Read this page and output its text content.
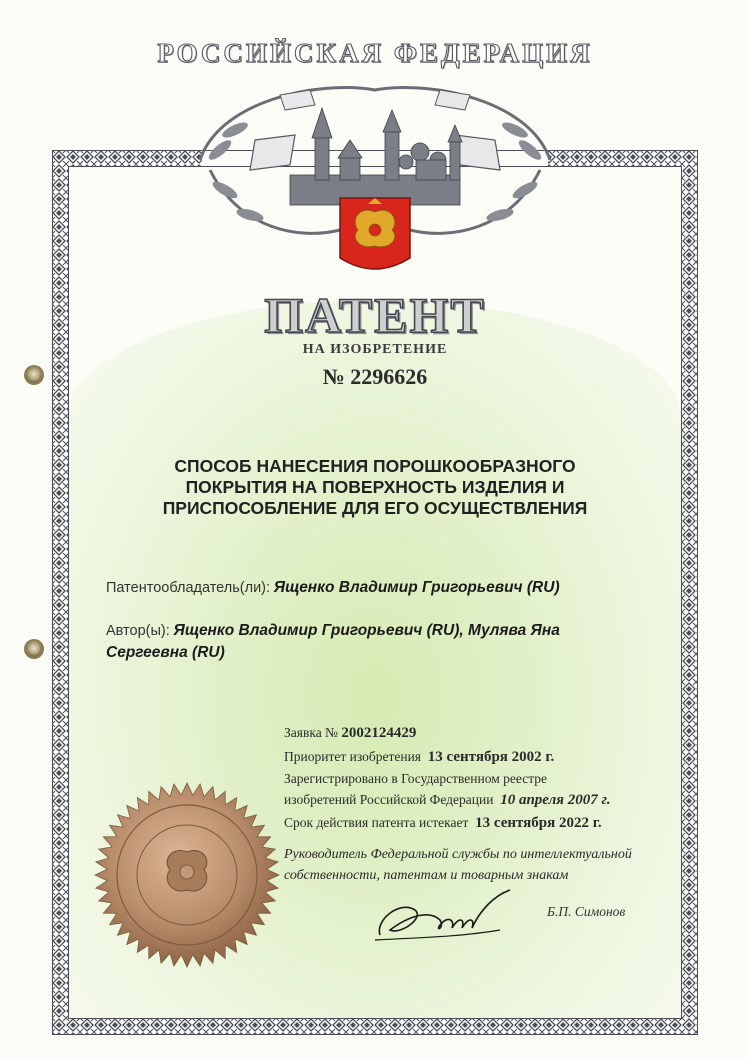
РОССИЙСКАЯ ФЕДЕРАЦИЯ
ПАТЕНТ
НА ИЗОБРЕТЕНИЕ
№ 2296626
СПОСОБ НАНЕСЕНИЯ ПОРОШКООБРАЗНОГО
ПОКРЫТИЯ НА ПОВЕРХНОСТЬ ИЗДЕЛИЯ И
ПРИСПОСОБЛЕНИЕ ДЛЯ ЕГО ОСУЩЕСТВЛЕНИЯ
Патентообладатель(ли): Ященко Владимир Григорьевич (RU)
Автор(ы): Ященко Владимир Григорьевич (RU), Мулява Яна
Сергеевна (RU)
Заявка № 2002124429
Приоритет изобретения 13 сентября 2002 г.
Зарегистрировано в Государственном реестре
изобретений Российской Федерации 10 апреля 2007 г.
Срок действия патента истекает 13 сентября 2022 г.
Руководитель Федеральной службы по интеллектуальной
собственности, патентам и товарным знакам
Б.П. Симонов
